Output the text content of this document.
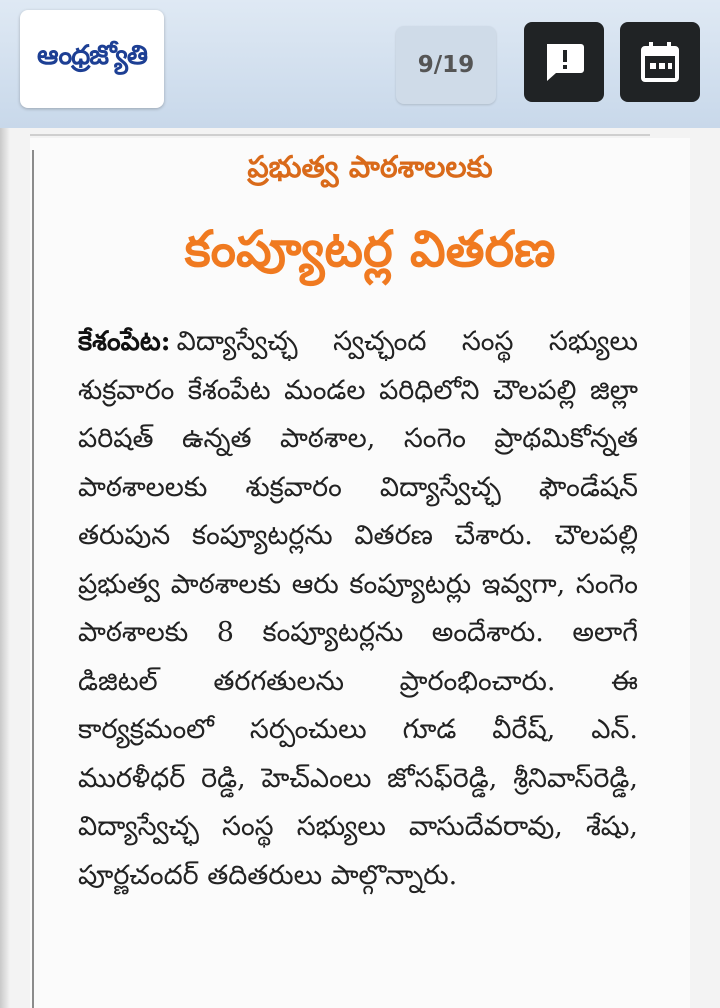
ఆంధ్రజ్యోతి	9/19
ప్రభుత్వ పాఠశాలలకు
కంప్యూటర్ల వితరణ
కేశంపేట: విద్యాస్వేచ్ఛ స్వచ్ఛంద సంస్థ సభ్యులు శుక్రవారం కేశంపేట మండల పరిధిలోని చౌలపల్లి జిల్లా పరిషత్ ఉన్నత పాఠశాల, సంగెం ప్రాథమికోన్నత పాఠశాలలకు శుక్రవారం విద్యాస్వేచ్ఛ ఫౌండేషన్ తరుపున కంప్యూటర్లను వితరణ చేశారు. చౌలపల్లి ప్రభుత్వ పాఠశాలకు ఆరు కంప్యూటర్లు ఇవ్వగా, సంగెం పాఠశాలకు 8 కంప్యూటర్లను అందేశారు. అలాగే డిజిటల్ తరగతులను ప్రారంభించారు. ఈ కార్యక్రమంలో సర్పంచులు గూడ వీరేష్, ఎన్. మురళీధర్ రెడ్డి, హెచ్ఎంలు జోసఫ్‌రెడ్డి, శ్రీనివాస్‌రెడ్డి, విద్యాస్వేచ్ఛ సంస్థ సభ్యులు వాసుదేవరావు, శేషు, పూర్ణచందర్ తదితరులు పాల్గొన్నారు.
